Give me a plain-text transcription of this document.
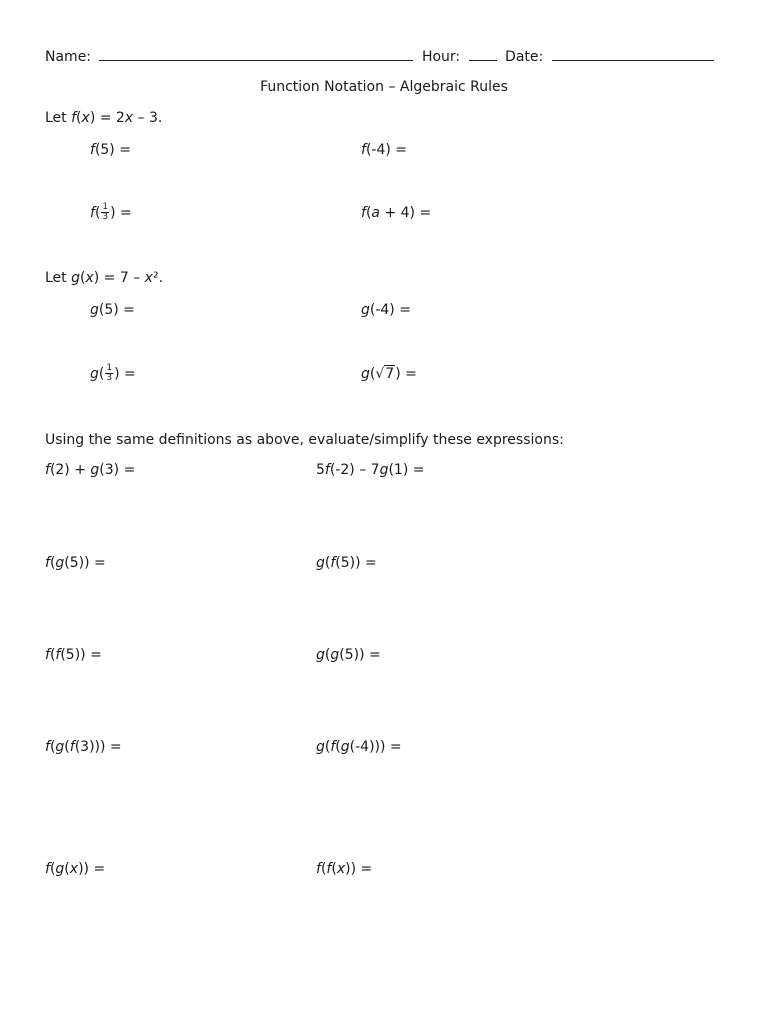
Name:	Hour:	Date:
Function Notation – Algebraic Rules
Let f(x) = 2x – 3.
f(5) =	f(-4) =
$f( \frac{1}{3}$ ) =	f(a + 4) =
Let g(x) = 7 – x².
g(5) =	g(-4) =
$g( \frac{1}{3}$ ) =	g(√7) =
Using the same definitions as above, evaluate/simplify these expressions:
f(2) + g(3) =	5f(-2) – 7g(1) =
f(g(5)) =	g(f(5)) =
f(f(5)) =	g(g(5)) =
f(g(f(3))) =	g(f(g(-4))) =
f(g(x)) =	f(f(x)) =
